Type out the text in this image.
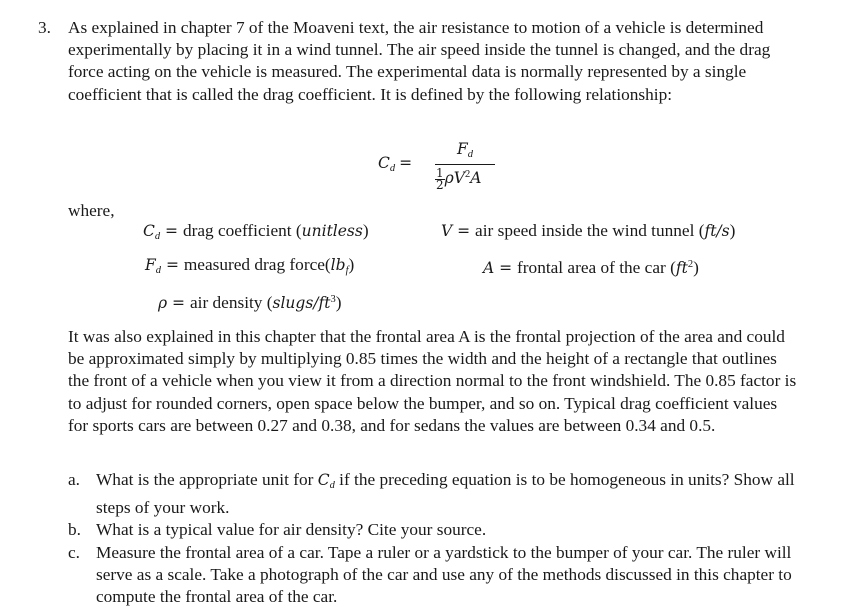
3. As explained in chapter 7 of the Moaveni text, the air resistance to motion of a vehicle is determined experimentally by placing it in a wind tunnel. The air speed inside the tunnel is changed, and the drag force acting on the vehicle is measured. The experimental data is normally represented by a single coefficient that is called the drag coefficient. It is defined by the following relationship:

$C_d$ =
$F_d$
$\frac{1}{2}\rho V^2A$
where,
$C_d$ = drag coefficient (unitless)	V = air speed inside the wind tunnel (ft/s)
$F_d$ = measured drag $force(lb_f)$	A = frontal area of the car $(ft^2)$
ρ = air density $(slugs/ft^3)$

It was also explained in this chapter that the frontal area A is the frontal projection of the area and could be approximated simply by multiplying 0.85 times the width and the height of a rectangle that outlines the front of a vehicle when you view it from a direction normal to the front windshield. The 0.85 factor is to adjust for rounded corners, open space below the bumper, and so on. Typical drag coefficient values for sports cars are between 0.27 and 0.38, and for sedans the values are between 0.34 and 0.5.

a. What is the appropriate unit for $C_d$ if the preceding equation is to be homogeneous in units? Show all steps of your work.
b. What is a typical value for air density? Cite your source.
c. Measure the frontal area of a car. Tape a ruler or a yardstick to the bumper of your car. The ruler will serve as a scale. Take a photograph of the car and use any of the methods discussed in this chapter to compute the frontal area of the car.
